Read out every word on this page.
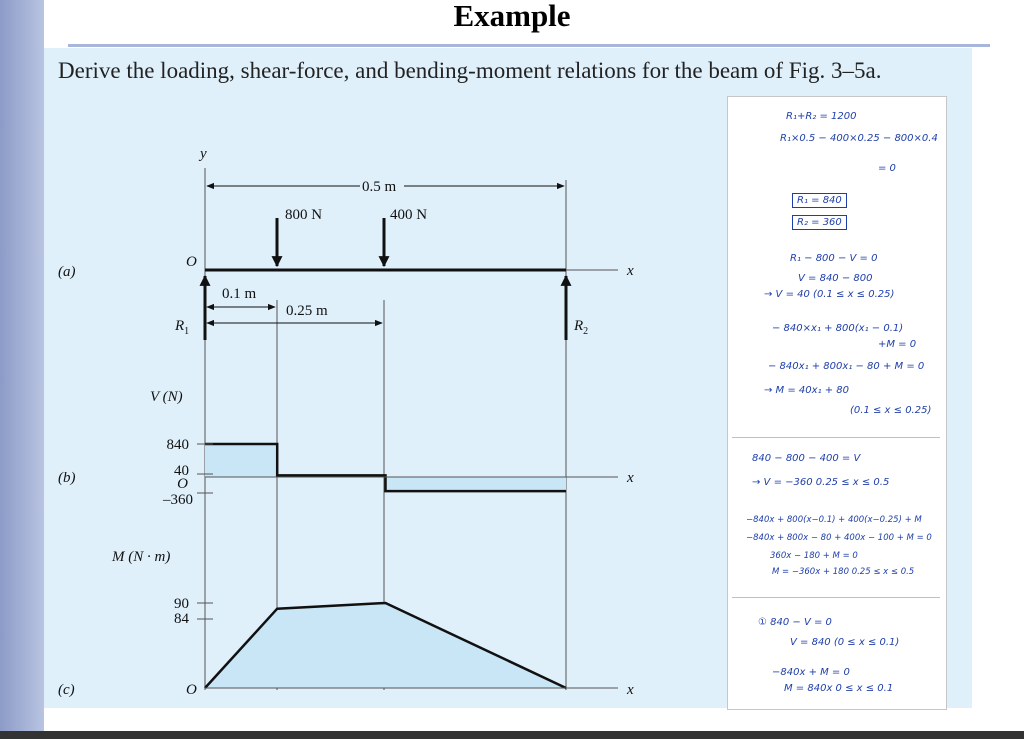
Example
Derive the loading, shear-force, and bending-moment relations for the beam of Fig. 3–5a.
(a)
y
0.5 m
800 N	400 N
O
x
$R_1$	$R_2$
0.1 m
0.25 m
(b)
V (N)
x
840
40
O
–360
(c)
M (N · m)
x
90
84
O
R₁+R₂ = 1200
R₁×0.5 − 400×0.25 − 800×0.4
= 0
R₁ = 840
R₂ = 360
R₁ − 800 − V = 0
V = 840 − 800
→ V = 40 (0.1 ≤ x ≤ 0.25)
− 840×x₁ + 800(x₁ − 0.1)
+M = 0
− 840x₁ + 800x₁ − 80 + M = 0
→ M = 40x₁ + 80
(0.1 ≤ x ≤ 0.25)
840 − 800 − 400 = V
→ V = −360 0.25 ≤ x ≤ 0.5
−840x + 800(x−0.1) + 400(x−0.25) + M
−840x + 800x − 80 + 400x − 100 + M = 0
360x − 180 + M = 0
M = −360x + 180 0.25 ≤ x ≤ 0.5
① 840 − V = 0
V = 840 (0 ≤ x ≤ 0.1)
−840x + M = 0
M = 840x 0 ≤ x ≤ 0.1
